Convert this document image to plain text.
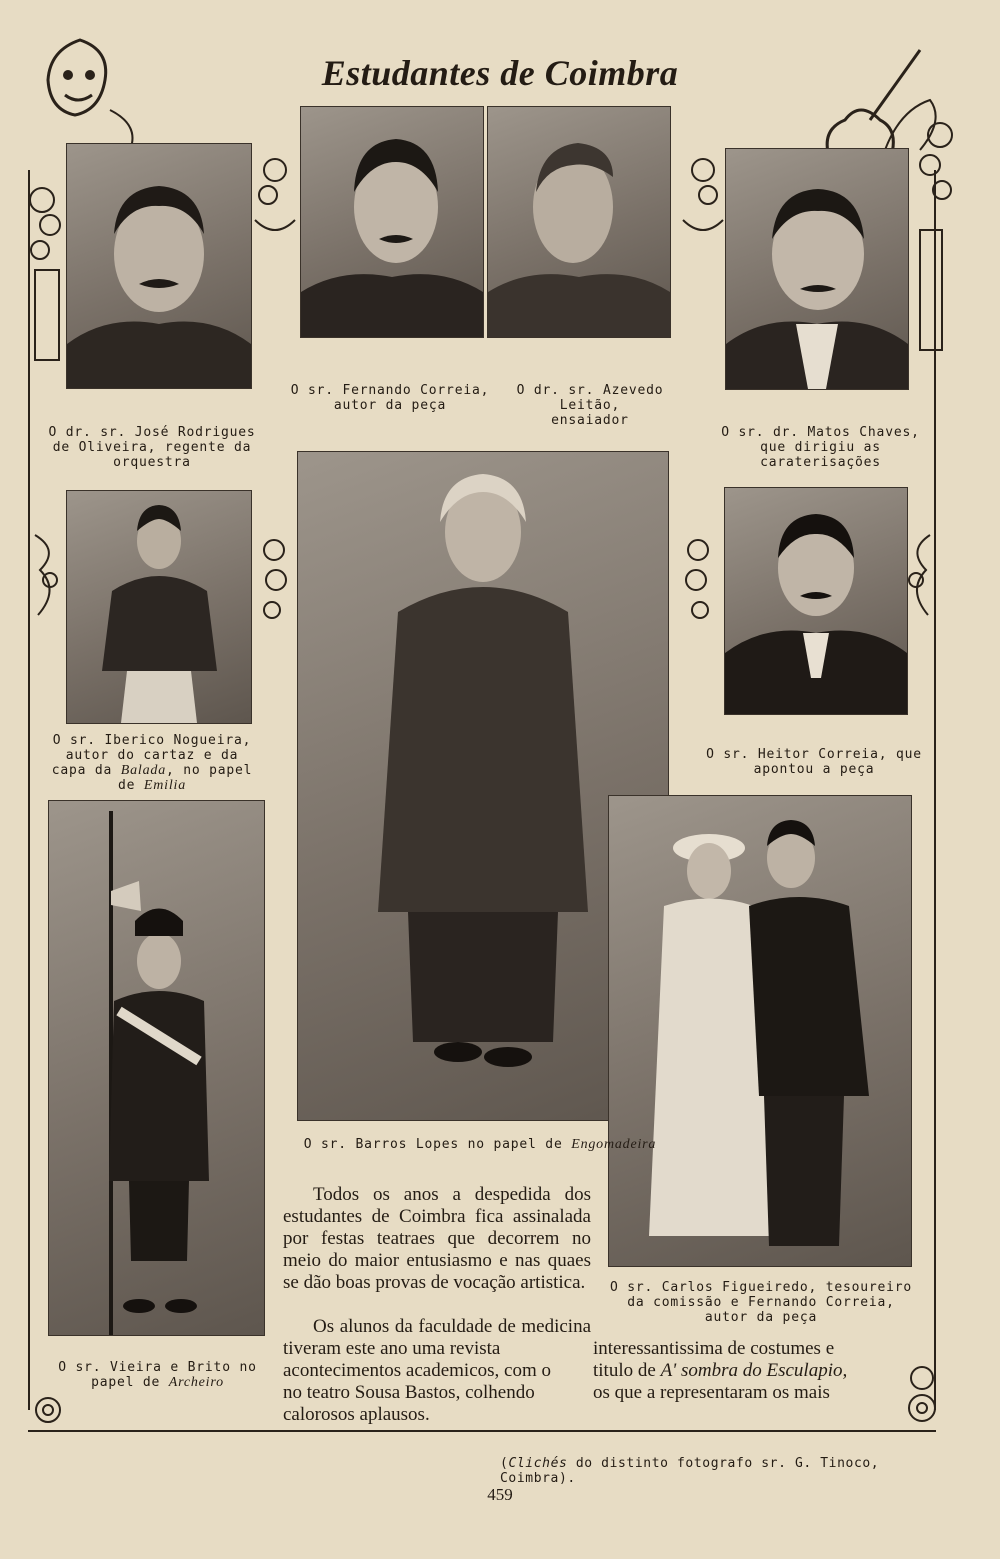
Estudantes de Coimbra
O dr. sr. José Rodrigues de Oliveira, regente da orquestra
O sr. Fernando Correia,
autor da peça
O dr. sr. Azevedo Leitão,
ensaiador
O sr. dr. Matos Chaves, que dirigiu as caraterisações
O sr. Iberico Nogueira, autor do cartaz e da capa da Balada, no papel de Emilia
O sr. Heitor Correia, que apontou a peça
O sr. Barros Lopes no papel de Engomadeira
O sr. Vieira e Brito no papel de Archeiro
O sr. Carlos Figueiredo, tesoureiro da comissão e Fernando Correia, autor da peça

Todos os anos a despedida dos estudantes de Coimbra fica assinalada por festas teatraes que decorrem no meio do maior entusiasmo e nas quaes se dão boas provas de vocação artistica.

Os alunos da faculdade de medicina tiveram este ano uma revista	interessantissima de costumes e
acontecimentos academicos, com o	titulo de A' sombra do Esculapio,
no teatro Sousa Bastos, colhendo	os que a representaram os mais
calorosos aplausos.
(Clichés do distinto fotografo sr. G. Tinoco, Coimbra).
459
